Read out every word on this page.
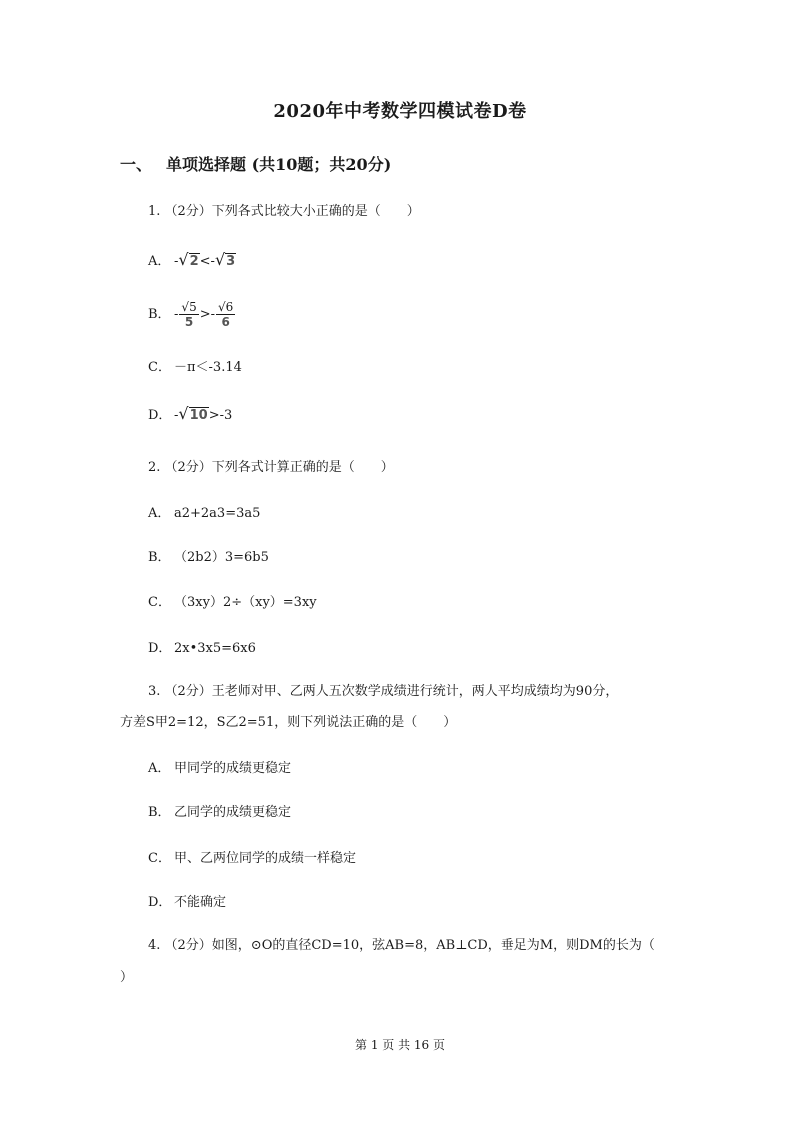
2020年中考数学四模试卷D卷
一、 单项选择题 (共10题；共20分)
1. （2分）下列各式比较大小正确的是（　　）
A． -√2<-√3
B． - $\frac{√5}{5} >- \frac{√6}{6}$
C． －π＜-3.14
D． -√10>-3
2. （2分）下列各式计算正确的是（　　）
A． a2+2a3=3a5
B． （2b2）3=6b5
C． （3xy）2÷（xy）=3xy
D． 2x•3x5=6x6
3. （2分）王老师对甲、乙两人五次数学成绩进行统计，两人平均成绩均为90分，
方差S甲2=12，S乙2=51，则下列说法正确的是（　　）
A． 甲同学的成绩更稳定
B． 乙同学的成绩更稳定
C． 甲、乙两位同学的成绩一样稳定
D． 不能确定
4. （2分）如图，⊙O的直径CD=10，弦AB=8，AB⊥CD，垂足为M，则DM的长为（
）
第 1 页 共 16 页
